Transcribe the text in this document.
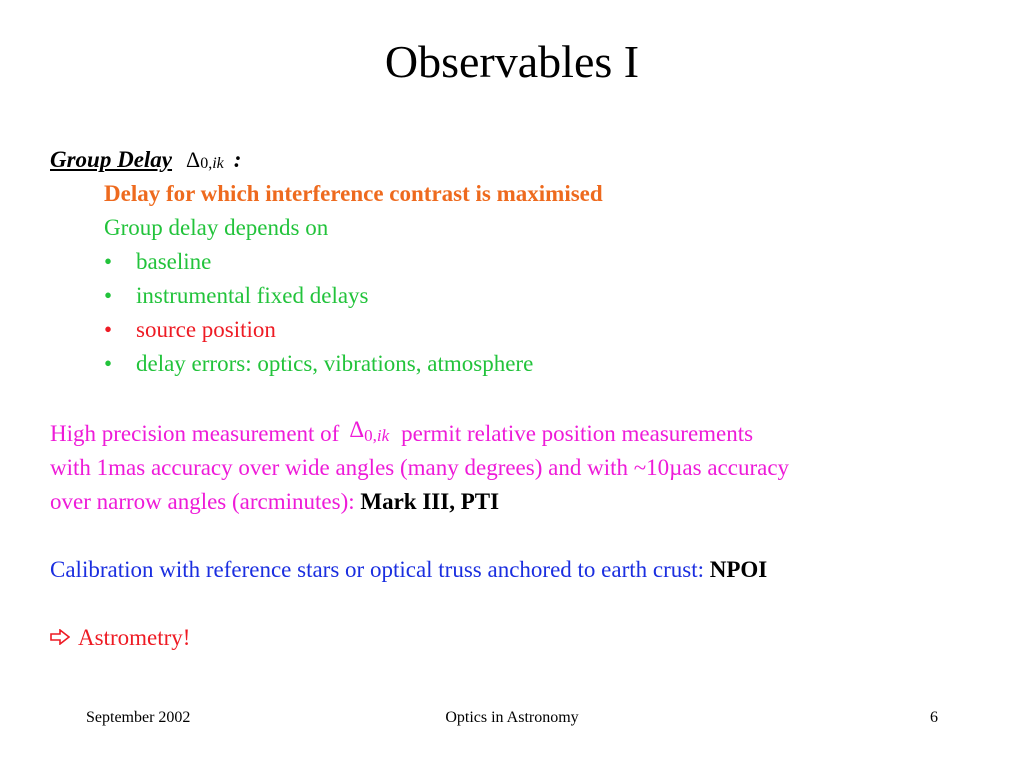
Observables I
Group Delay Δ0,ik :
Delay for which interference contrast is maximised
Group delay depends on
• baseline
• instrumental fixed delays
• source position
• delay errors: optics, vibrations, atmosphere
High precision measurement of $\Delta_{0,ik}$ permit relative position measurements
with 1mas accuracy over wide angles (many degrees) and with ~10µas accuracy
over narrow angles (arcminutes): Mark III, PTI
Calibration with reference stars or optical truss anchored to earth crust: NPOI
Astrometry!
September 2002	Optics in Astronomy	6
